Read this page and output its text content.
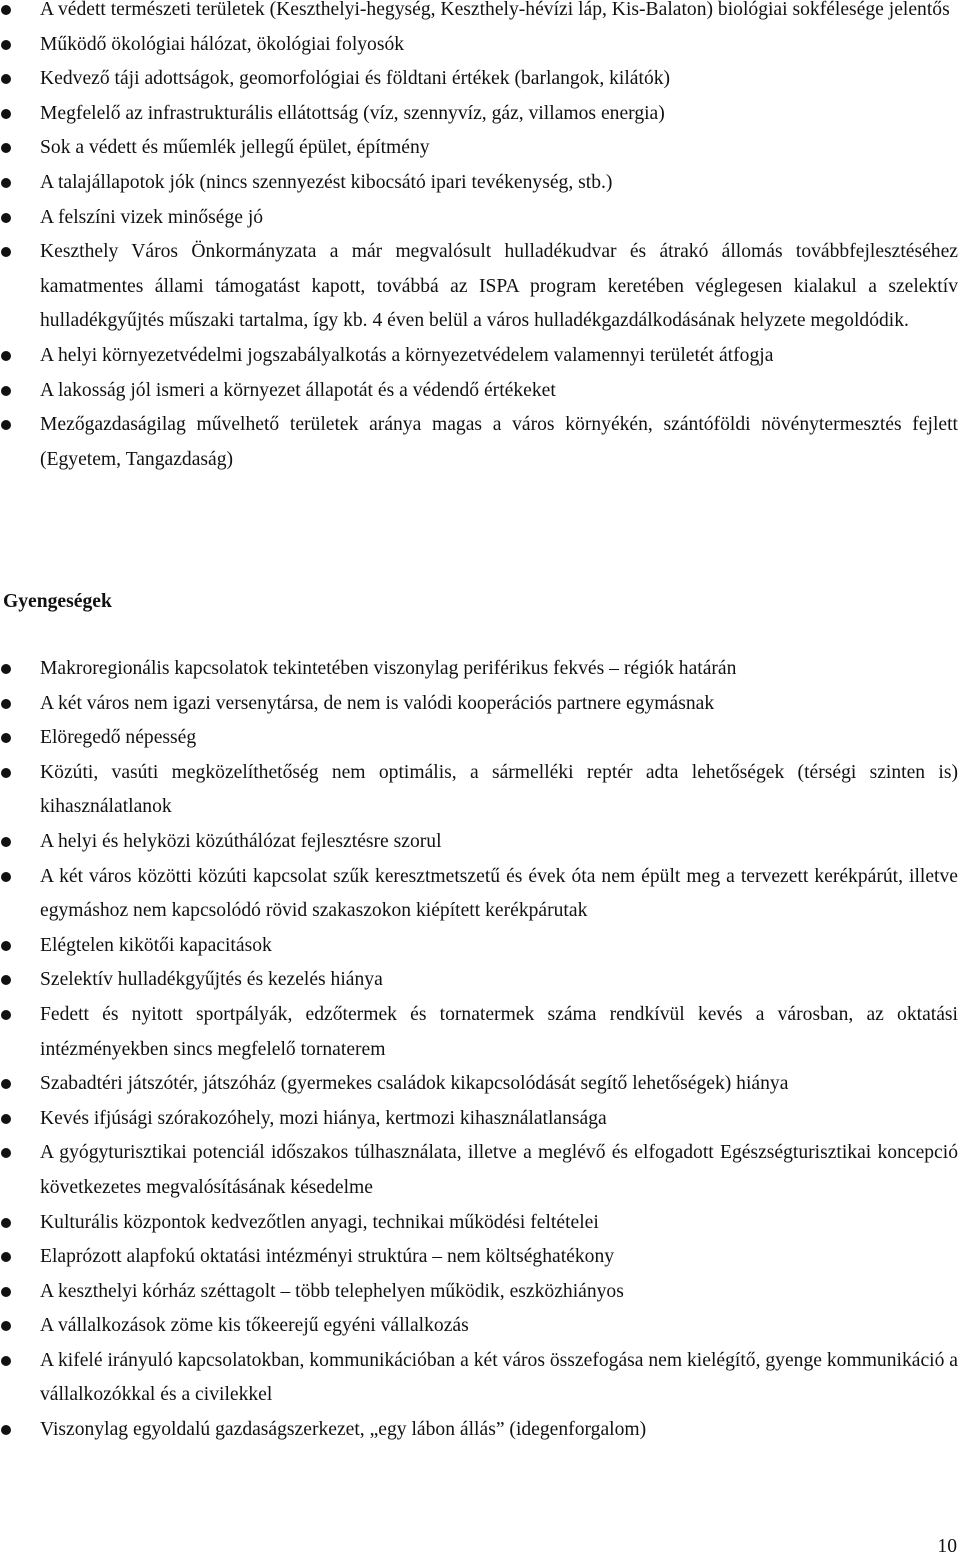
A védett természeti területek (Keszthelyi-hegység, Keszthely-hévízi láp, Kis-Balaton) biológiai sokfélesége jelentős
Működő ökológiai hálózat, ökológiai folyosók
Kedvező táji adottságok, geomorfológiai és földtani értékek (barlangok, kilátók)
Megfelelő az infrastrukturális ellátottság (víz, szennyvíz, gáz, villamos energia)
Sok a védett és műemlék jellegű épület, építmény
A talajállapotok jók (nincs szennyezést kibocsátó ipari tevékenység, stb.)
A felszíni vizek minősége jó
Keszthely Város Önkormányzata a már megvalósult hulladékudvar és átrakó állomás továbbfejlesztéséhez kamatmentes állami támogatást kapott, továbbá az ISPA program keretében véglegesen kialakul a szelektív hulladékgyűjtés műszaki tartalma, így kb. 4 éven belül a város hulladékgazdálkodásának helyzete megoldódik.
A helyi környezetvédelmi jogszabályalkotás a környezetvédelem valamennyi területét átfogja
A lakosság jól ismeri a környezet állapotát és a védendő értékeket
Mezőgazdaságilag művelhető területek aránya magas a város környékén, szántóföldi növénytermesztés fejlett (Egyetem, Tangazdaság)
Gyengeségek
Makroregionális kapcsolatok tekintetében viszonylag periférikus fekvés – régiók határán
A két város nem igazi versenytársa, de nem is valódi kooperációs partnere egymásnak
Elöregedő népesség
Közúti, vasúti megközelíthetőség nem optimális, a sármelléki reptér adta lehetőségek (térségi szinten is) kihasználatlanok
A helyi és helyközi közúthálózat fejlesztésre szorul
A két város közötti közúti kapcsolat szűk keresztmetszetű és évek óta nem épült meg a tervezett kerékpárút, illetve egymáshoz nem kapcsolódó rövid szakaszokon kiépített kerékpárutak
Elégtelen kikötői kapacitások
Szelektív hulladékgyűjtés és kezelés hiánya
Fedett és nyitott sportpályák, edzőtermek és tornatermek száma rendkívül kevés a városban, az oktatási intézményekben sincs megfelelő tornaterem
Szabadtéri játszótér, játszóház (gyermekes családok kikapcsolódását segítő lehetőségek) hiánya
Kevés ifjúsági szórakozóhely, mozi hiánya, kertmozi kihasználatlansága
A gyógyturisztikai potenciál időszakos túlhasználata, illetve a meglévő és elfogadott Egészségturisztikai koncepció következetes megvalósításának késedelme
Kulturális központok kedvezőtlen anyagi, technikai működési feltételei
Elaprózott alapfokú oktatási intézményi struktúra – nem költséghatékony
A keszthelyi kórház széttagolt – több telephelyen működik, eszközhiányos
A vállalkozások zöme kis tőkeerejű egyéni vállalkozás
A kifelé irányuló kapcsolatokban, kommunikációban a két város összefogása nem kielégítő, gyenge kommunikáció a vállalkozókkal és a civilekkel
Viszonylag egyoldalú gazdaságszerkezet, „egy lábon állás” (idegenforgalom)
10
